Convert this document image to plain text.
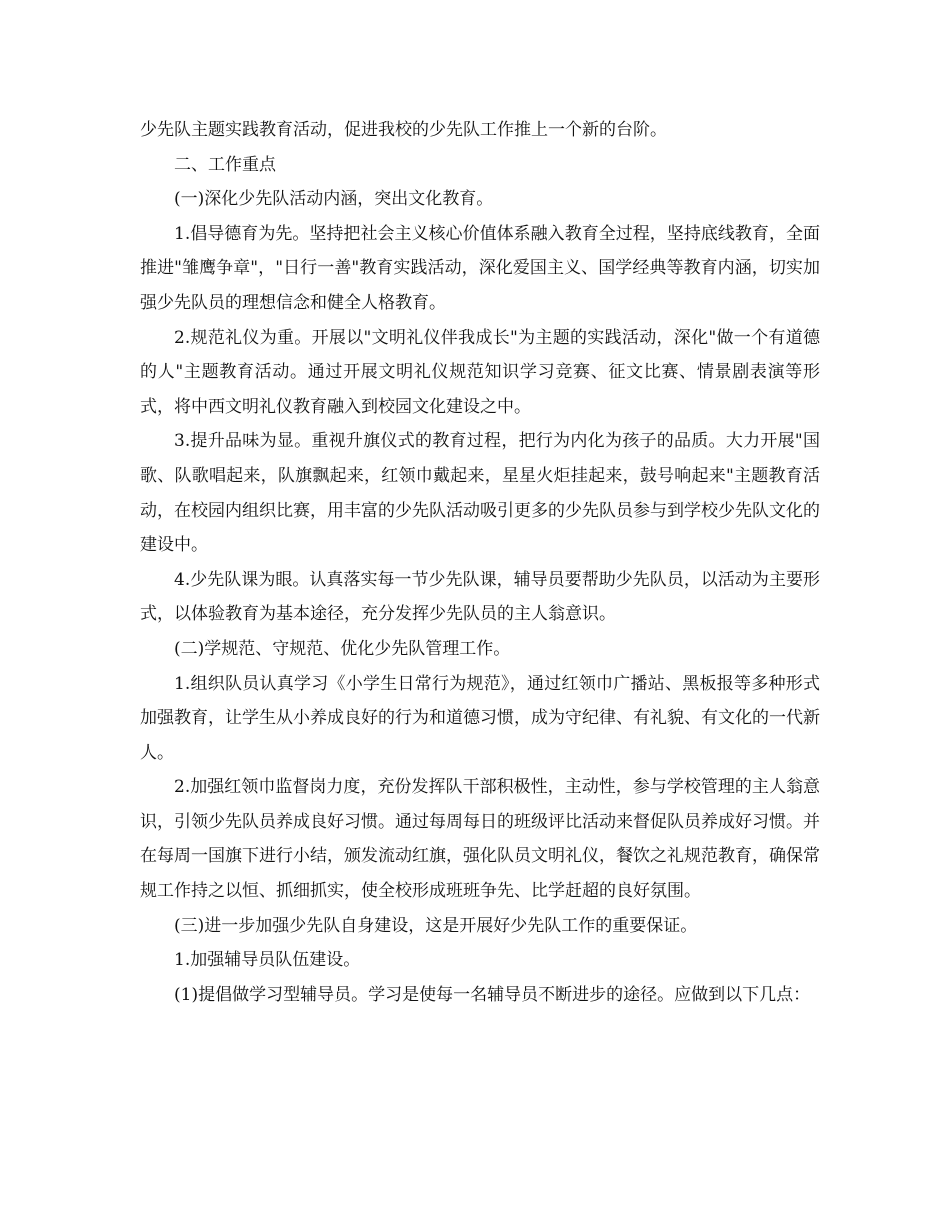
少先队主题实践教育活动，促进我校的少先队工作推上一个新的台阶。

二、工作重点

(一)深化少先队活动内涵，突出文化教育。

1.倡导德育为先。坚持把社会主义核心价值体系融入教育全过程，坚持底线教育，全面推进"雏鹰争章"，"日行一善"教育实践活动，深化爱国主义、国学经典等教育内涵，切实加强少先队员的理想信念和健全人格教育。

2.规范礼仪为重。开展以"文明礼仪伴我成长"为主题的实践活动，深化"做一个有道德的人"主题教育活动。通过开展文明礼仪规范知识学习竞赛、征文比赛、情景剧表演等形式，将中西文明礼仪教育融入到校园文化建设之中。

3.提升品味为显。重视升旗仪式的教育过程，把行为内化为孩子的品质。大力开展"国歌、队歌唱起来，队旗飘起来，红领巾戴起来，星星火炬挂起来，鼓号响起来"主题教育活动，在校园内组织比赛，用丰富的少先队活动吸引更多的少先队员参与到学校少先队文化的建设中。

4.少先队课为眼。认真落实每一节少先队课，辅导员要帮助少先队员，以活动为主要形式，以体验教育为基本途径，充分发挥少先队员的主人翁意识。

(二)学规范、守规范、优化少先队管理工作。

1.组织队员认真学习《小学生日常行为规范》，通过红领巾广播站、黑板报等多种形式加强教育，让学生从小养成良好的行为和道德习惯，成为守纪律、有礼貌、有文化的一代新人。

2.加强红领巾监督岗力度，充份发挥队干部积极性，主动性，参与学校管理的主人翁意识，引领少先队员养成良好习惯。通过每周每日的班级评比活动来督促队员养成好习惯。并在每周一国旗下进行小结，颁发流动红旗，强化队员文明礼仪，餐饮之礼规范教育，确保常规工作持之以恒、抓细抓实，使全校形成班班争先、比学赶超的良好氛围。

(三)进一步加强少先队自身建设，这是开展好少先队工作的重要保证。

1.加强辅导员队伍建设。

(1)提倡做学习型辅导员。学习是使每一名辅导员不断进步的途径。应做到以下几点：
